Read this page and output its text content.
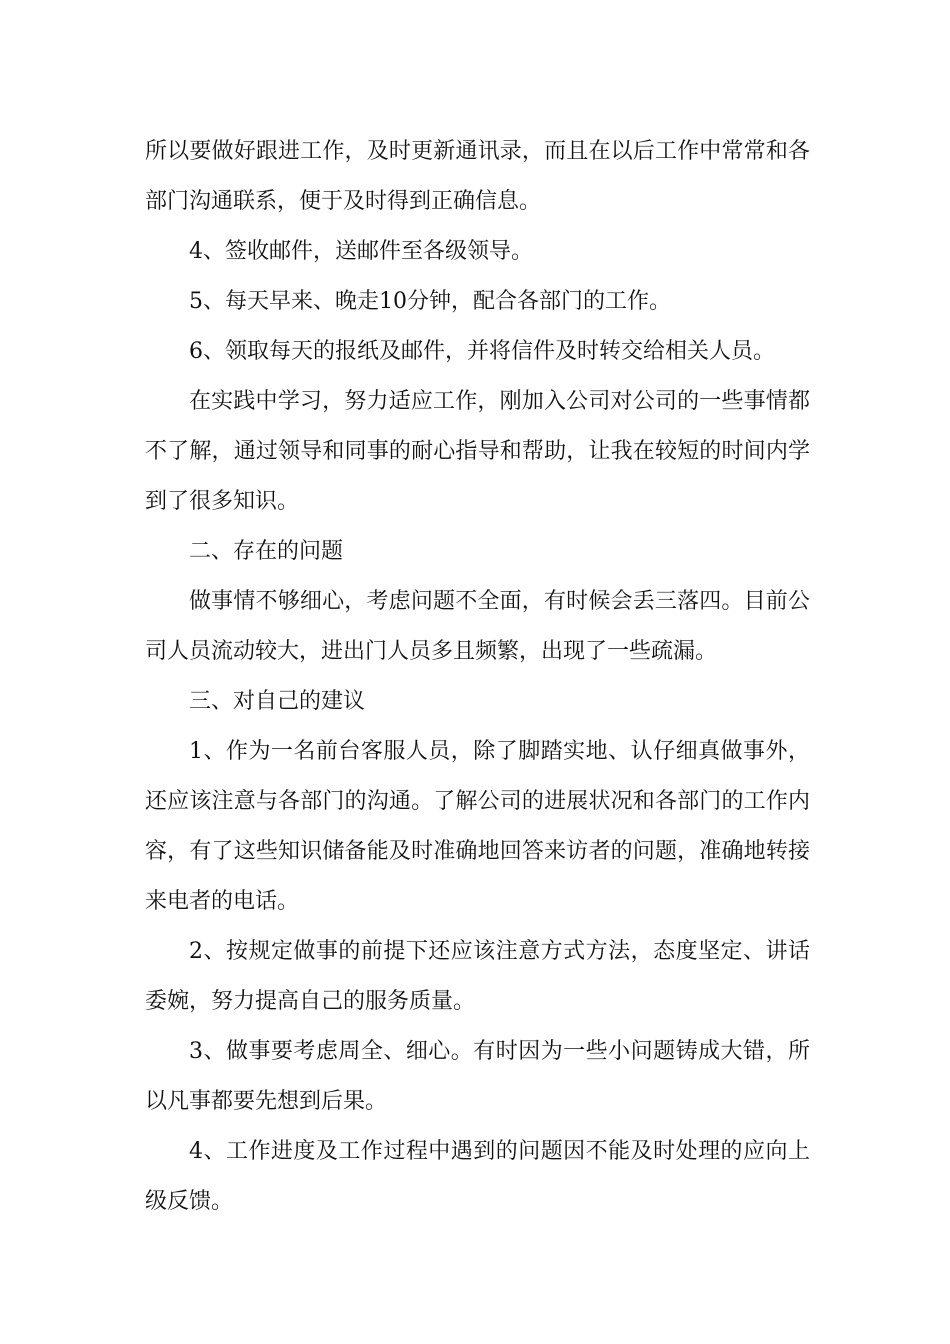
所以要做好跟进工作，及时更新通讯录，而且在以后工作中常常和各部门沟通联系，便于及时得到正确信息。

4、签收邮件，送邮件至各级领导。

5、每天早来、晚走10分钟，配合各部门的工作。

6、领取每天的报纸及邮件，并将信件及时转交给相关人员。

在实践中学习，努力适应工作，刚加入公司对公司的一些事情都不了解，通过领导和同事的耐心指导和帮助，让我在较短的时间内学到了很多知识。

二、存在的问题

做事情不够细心，考虑问题不全面，有时候会丢三落四。目前公司人员流动较大，进出门人员多且频繁，出现了一些疏漏。

三、对自己的建议

1、作为一名前台客服人员，除了脚踏实地、认仔细真做事外，还应该注意与各部门的沟通。了解公司的进展状况和各部门的工作内容，有了这些知识储备能及时准确地回答来访者的问题，准确地转接来电者的电话。

2、按规定做事的前提下还应该注意方式方法，态度坚定、讲话委婉，努力提高自己的服务质量。

3、做事要考虑周全、细心。有时因为一些小问题铸成大错，所以凡事都要先想到后果。

4、工作进度及工作过程中遇到的问题因不能及时处理的应向上级反馈。
